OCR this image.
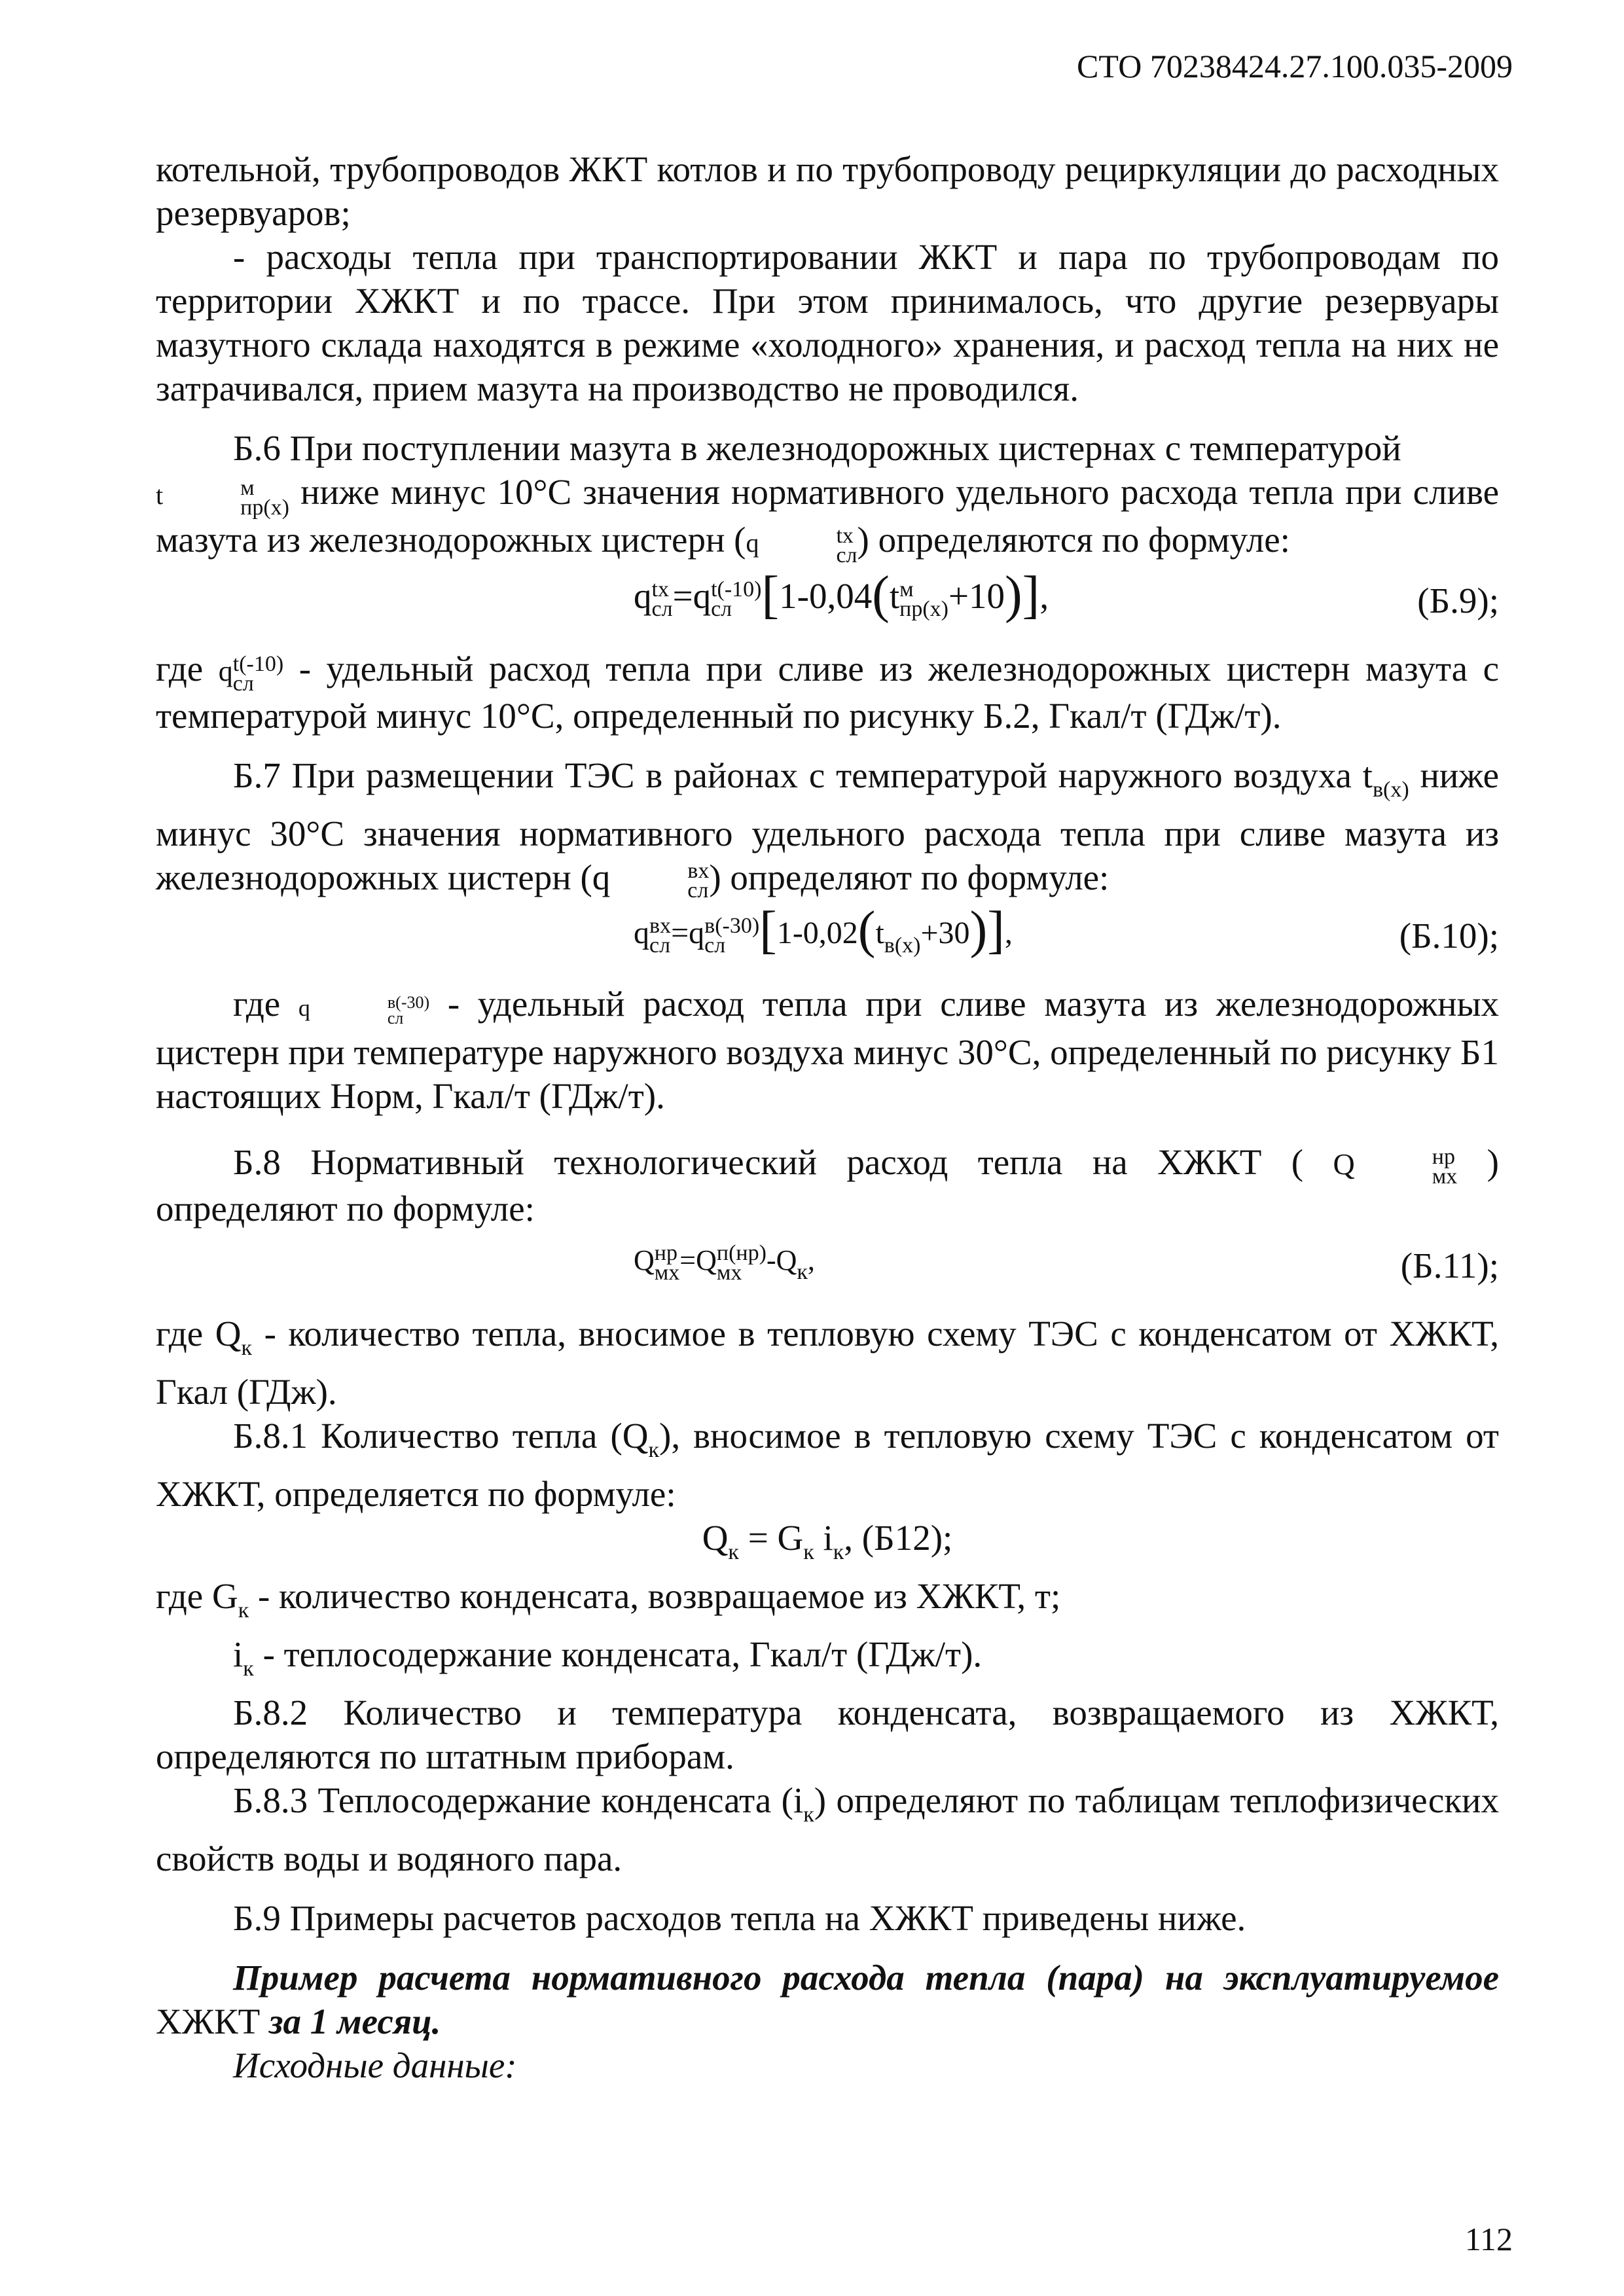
СТО 70238424.27.100.035-2009

котельной, трубопроводов ЖКТ котлов и по трубопроводу рециркуляции до расходных резервуаров;

- расходы тепла при транспортировании ЖКТ и пара по трубопроводам по территории ХЖКТ и по трассе. При этом принималось, что другие резервуары мазутного склада находятся в режиме «холодного» хранения, и расход тепла на них не затрачивался, прием мазута на производство не проводился.

Б.6 При поступлении мазута в железнодорожных цистернах с температурой
t	м
пр(х) ниже минус 10°С значения нормативного удельного расхода тепла при сливе мазута из железнодорожных цистерн (q	tx
сл ) определяются по формуле:

q tx
сл =q t(-10)
сл [1-0,04(t м
пр(х) +10)],	(Б.9);

где q t(-10)
сл	- удельный расход тепла при сливе из железнодорожных цистерн мазута с температурой минус 10°С, определенный по рисунку Б.2, Гкал/т (ГДж/т).

Б.7 При размещении ТЭС в районах с температурой наружного воздуха $t_{в(х)}$ ниже минус 30°С значения нормативного удельного расхода тепла при сливе мазута из железнодорожных цистерн (q	вх
сл ) определяют по формуле:

q вх
сл =q в(-30)
сл $[1-0,02(t_{в(х)}+30)]$,	(Б.10);

где q	в(-30)
сл	- удельный расход тепла при сливе мазута из железнодорожных цистерн при температуре наружного воздуха минус 30°С, определенный по рисунку Б1 настоящих Норм, Гкал/т (ГДж/т).

Б.8 Нормативный технологический расход тепла на ХЖКТ ( Q	нр
мх ) определяют по формуле:

Q нр
мх =Q п(нр)
мх $-Q_к$,	(Б.11);

где $Q_к$ - количество тепла, вносимое в тепловую схему ТЭС с конденсатом от ХЖКТ, Гкал (ГДж).

Б.8.1 Количество тепла $(Q_к)$, вносимое в тепловую схему ТЭС с конденсатом от ХЖКТ, определяется по формуле:

$Q_к = G_к$ $i_к$, (Б12);

где $G_к$ - количество конденсата, возвращаемое из ХЖКТ, т;

$i_к$ - теплосодержание конденсата, Гкал/т (ГДж/т).

Б.8.2 Количество и температура конденсата, возвращаемого из ХЖКТ, определяются по штатным приборам.

Б.8.3 Теплосодержание конденсата $(i_к)$ определяют по таблицам теплофизических свойств воды и водяного пара.

Б.9 Примеры расчетов расходов тепла на ХЖКТ приведены ниже.

Пример расчета нормативного расхода тепла (пара) на эксплуатируемое ХЖКТ за 1 месяц.

Исходные данные:

112
